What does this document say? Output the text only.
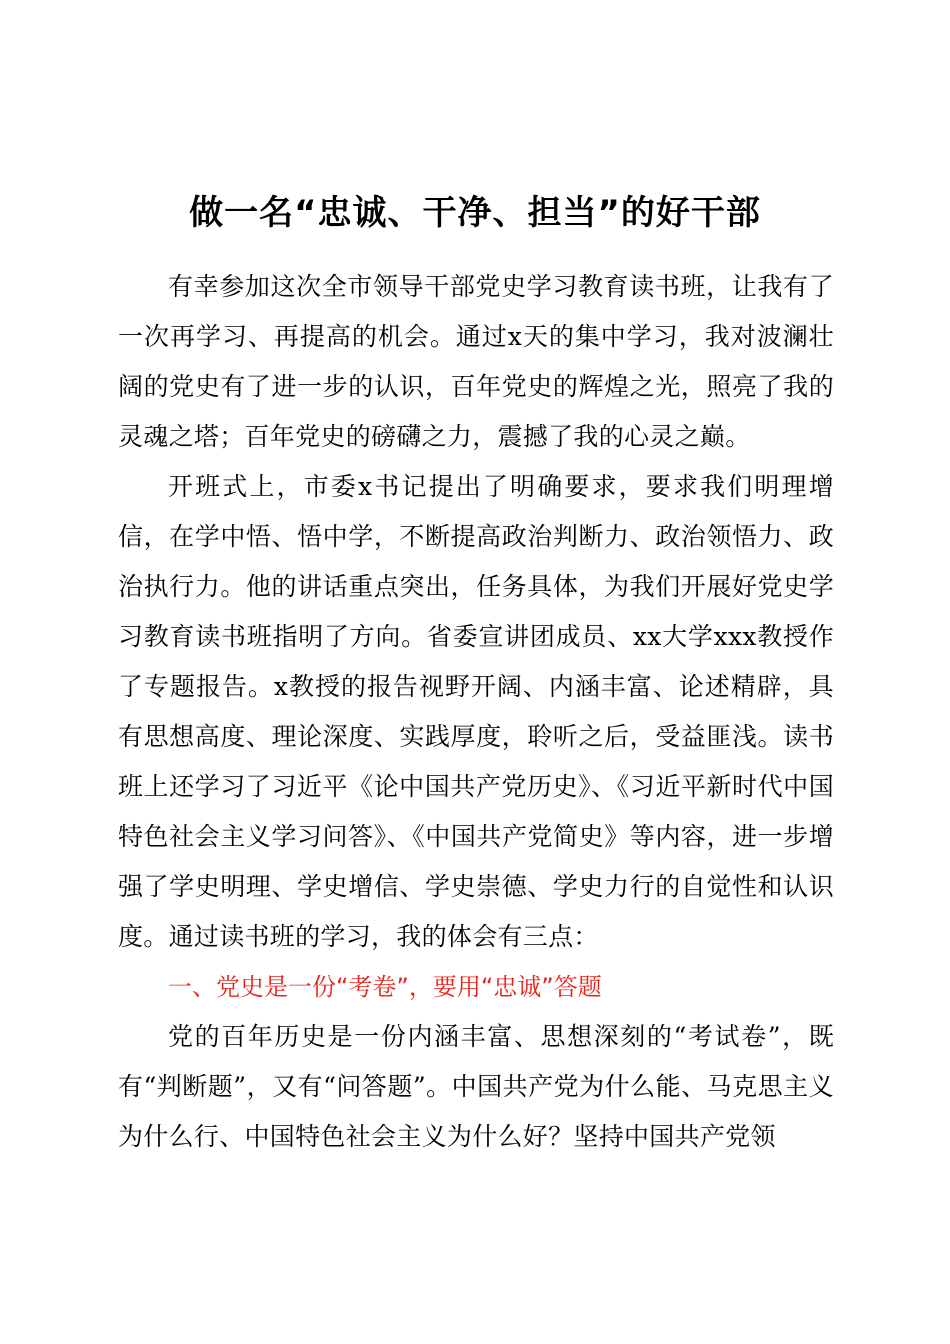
做一名“忠诚、干净、担当”的好干部

有幸参加这次全市领导干部党史学习教育读书班，让我有了一次再学习、再提高的机会。通过x天的集中学习，我对波澜壮阔的党史有了进一步的认识，百年党史的辉煌之光，照亮了我的灵魂之塔；百年党史的磅礴之力，震撼了我的心灵之巅。

开班式上，市委x书记提出了明确要求，要求我们明理增信，在学中悟、悟中学，不断提高政治判断力、政治领悟力、政治执行力。他的讲话重点突出，任务具体，为我们开展好党史学习教育读书班指明了方向。省委宣讲团成员、xx大学xxx教授作了专题报告。x教授的报告视野开阔、内涵丰富、论述精辟，具有思想高度、理论深度、实践厚度，聆听之后，受益匪浅。读书班上还学习了习近平《论中国共产党历史》、《习近平新时代中国特色社会主义学习问答》、《中国共产党简史》等内容，进一步增强了学史明理、学史增信、学史崇德、学史力行的自觉性和认识度。通过读书班的学习，我的体会有三点：

一、党史是一份“考卷”，要用“忠诚”答题

党的百年历史是一份内涵丰富、思想深刻的“考试卷”，既有“判断题”，又有“问答题”。中国共产党为什么能、马克思主义为什么行、中国特色社会主义为什么好？坚持中国共产党领
